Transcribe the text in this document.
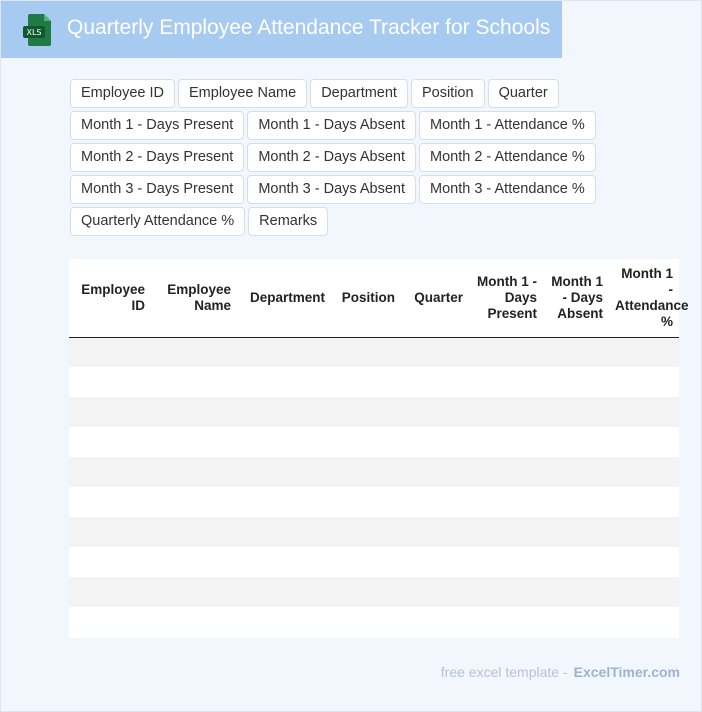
XLS Quarterly Employee Attendance Tracker for Schools
Employee ID	Employee Name	Department	Position	Quarter
Month 1 - Days Present	Month 1 - Days Absent	Month 1 - Attendance %
Month 2 - Days Present	Month 2 - Days Absent	Month 2 - Attendance %
Month 3 - Days Present	Month 3 - Days Absent	Month 3 - Attendance %
Quarterly Attendance %	Remarks
Employee ID	Employee Name	Department	Position	Quarter	Month 1 - Days Present	Month 1 - Days Absent	Month 1 - Attendance %

free excel template - ExcelTimer.com
